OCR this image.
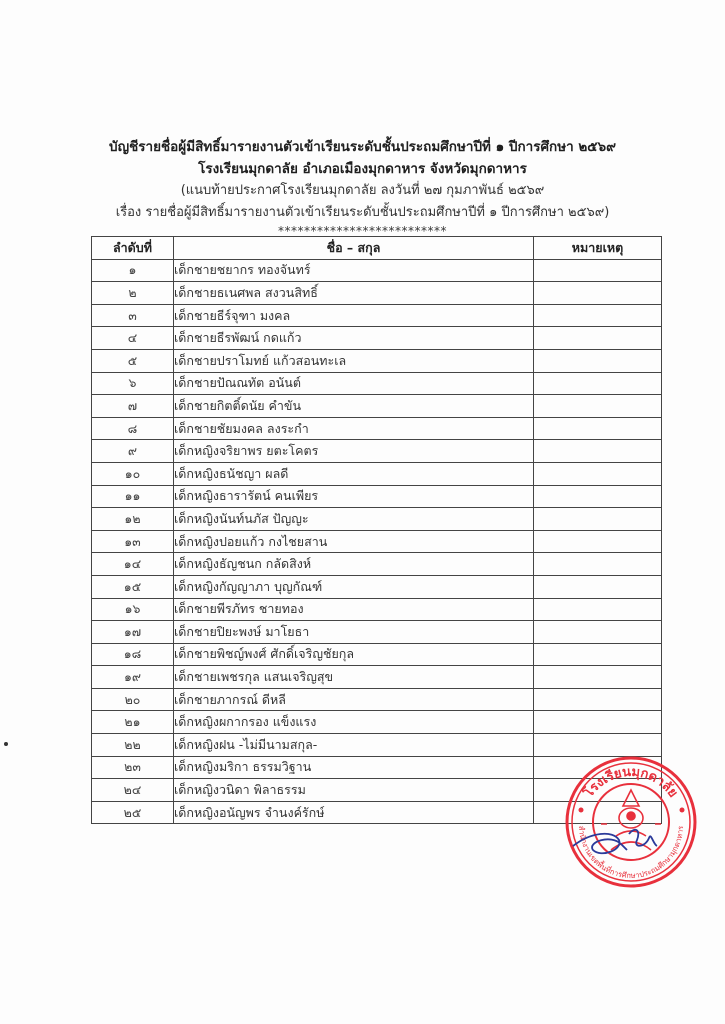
บัญชีรายชื่อผู้มีสิทธิ์มารายงานตัวเข้าเรียนระดับชั้นประถมศึกษาปีที่ ๑ ปีการศึกษา ๒๕๖๙
โรงเรียนมุกดาลัย อำเภอเมืองมุกดาหาร จังหวัดมุกดาหาร
(แนบท้ายประกาศโรงเรียนมุกดาลัย ลงวันที่ ๒๗ กุมภาพันธ์ ๒๕๖๙
เรื่อง รายชื่อผู้มีสิทธิ์มารายงานตัวเข้าเรียนระดับชั้นประถมศึกษาปีที่ ๑ ปีการศึกษา ๒๕๖๙)
**************************
ลำดับที่	ชื่อ – สกุล	หมายเหตุ
๑	เด็กชายชยากร ทองจันทร์	
๒	เด็กชายธเนศพล สงวนสิทธิ์	
๓	เด็กชายธีร์จุฑา มงคล	
๔	เด็กชายธีรพัฒน์ กดแก้ว	
๕	เด็กชายปราโมทย์ แก้วสอนทะเล	
๖	เด็กชายปัณณทัต อนันต์	
๗	เด็กชายกิตติ์ดนัย คำขัน	
๘	เด็กชายชัยมงคล ลงระกำ	
๙	เด็กหญิงจริยาพร ยตะโคตร	
๑๐	เด็กหญิงธนัชญา ผลดี	
๑๑	เด็กหญิงธารารัตน์ คนเพียร	
๑๒	เด็กหญิงนันท์นภัส ปัญญะ	
๑๓	เด็กหญิงปอยแก้ว กงไชยสาน	
๑๔	เด็กหญิงธัญชนก กลัดสิงห์	
๑๕	เด็กหญิงกัญญาภา บุญกัณฑ์	
๑๖	เด็กชายพีรภัทร ชายทอง	
๑๗	เด็กชายปิยะพงษ์ มาโยธา	
๑๘	เด็กชายพิชญ์พงศ์ ศักดิ์เจริญชัยกุล	
๑๙	เด็กชายเพชรกุล แสนเจริญสุข	
๒๐	เด็กชายภากรณ์ ดีหลี	
๒๑	เด็กหญิงผกากรอง แข็งแรง	
๒๒	เด็กหญิงฝน -ไม่มีนามสกุล-	
๒๓	เด็กหญิงมริกา ธรรมวิฐาน	
๒๔	เด็กหญิงวนิดา พิลาธรรม	
๒๕	เด็กหญิงอนัญพร จำนงค์รักษ์	
โรงเรียนมุกดาลัย
สำนักงานเขตพื้นที่การศึกษาประถมศึกษามุกดาหาร
